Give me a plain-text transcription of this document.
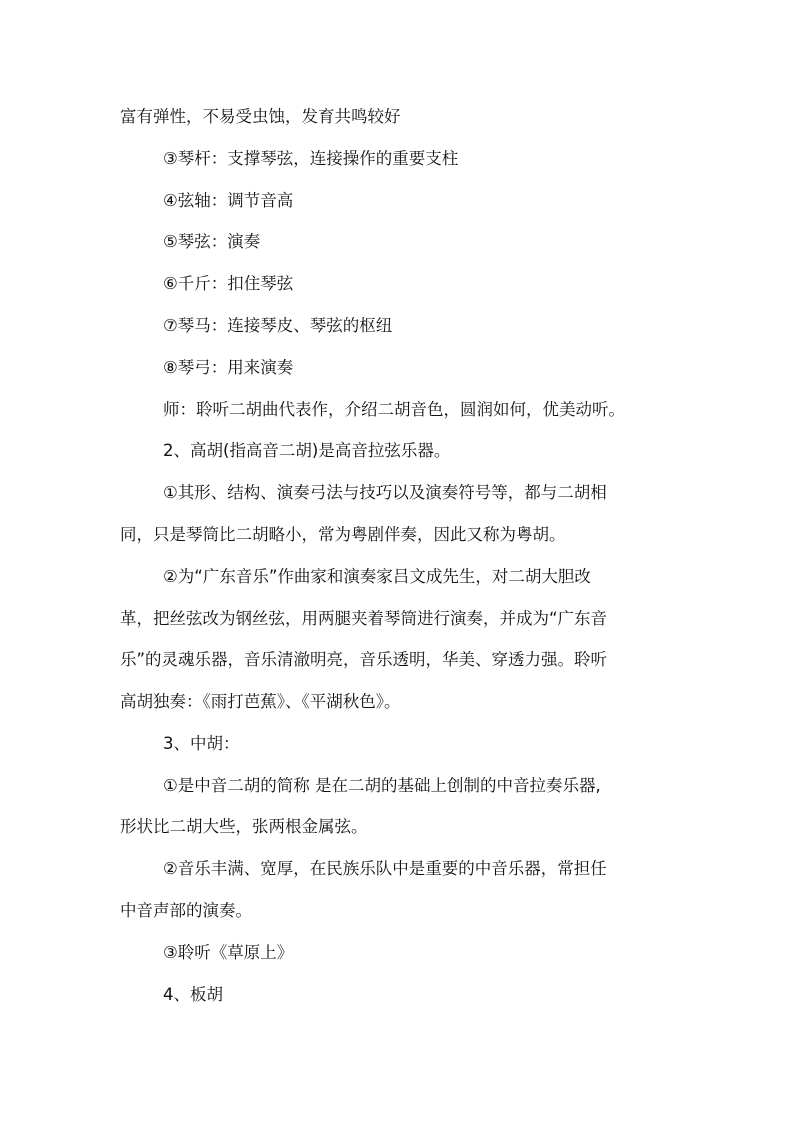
富有弹性，不易受虫蚀，发育共鸣较好

③琴杆：支撑琴弦，连接操作的重要支柱

④弦轴：调节音高

⑤琴弦：演奏

⑥千斤：扣住琴弦

⑦琴马：连接琴皮、琴弦的枢纽

⑧琴弓：用来演奏

师：聆听二胡曲代表作，介绍二胡音色，圆润如何，优美动听。

2、高胡(指高音二胡)是高音拉弦乐器。

①其形、结构、演奏弓法与技巧以及演奏符号等，都与二胡相

同，只是琴筒比二胡略小，常为粤剧伴奏，因此又称为粤胡。

②为“广东音乐”作曲家和演奏家吕文成先生，对二胡大胆改

革，把丝弦改为钢丝弦，用两腿夹着琴筒进行演奏，并成为“广东音

乐”的灵魂乐器，音乐清澈明亮，音乐透明，华美、穿透力强。聆听

高胡独奏：《雨打芭蕉》、《平湖秋色》。

3、中胡：

①是中音二胡的简称 是在二胡的基础上创制的中音拉奏乐器,

形状比二胡大些，张两根金属弦。

②音乐丰满、宽厚，在民族乐队中是重要的中音乐器，常担任

中音声部的演奏。

③聆听《草原上》

4、板胡
